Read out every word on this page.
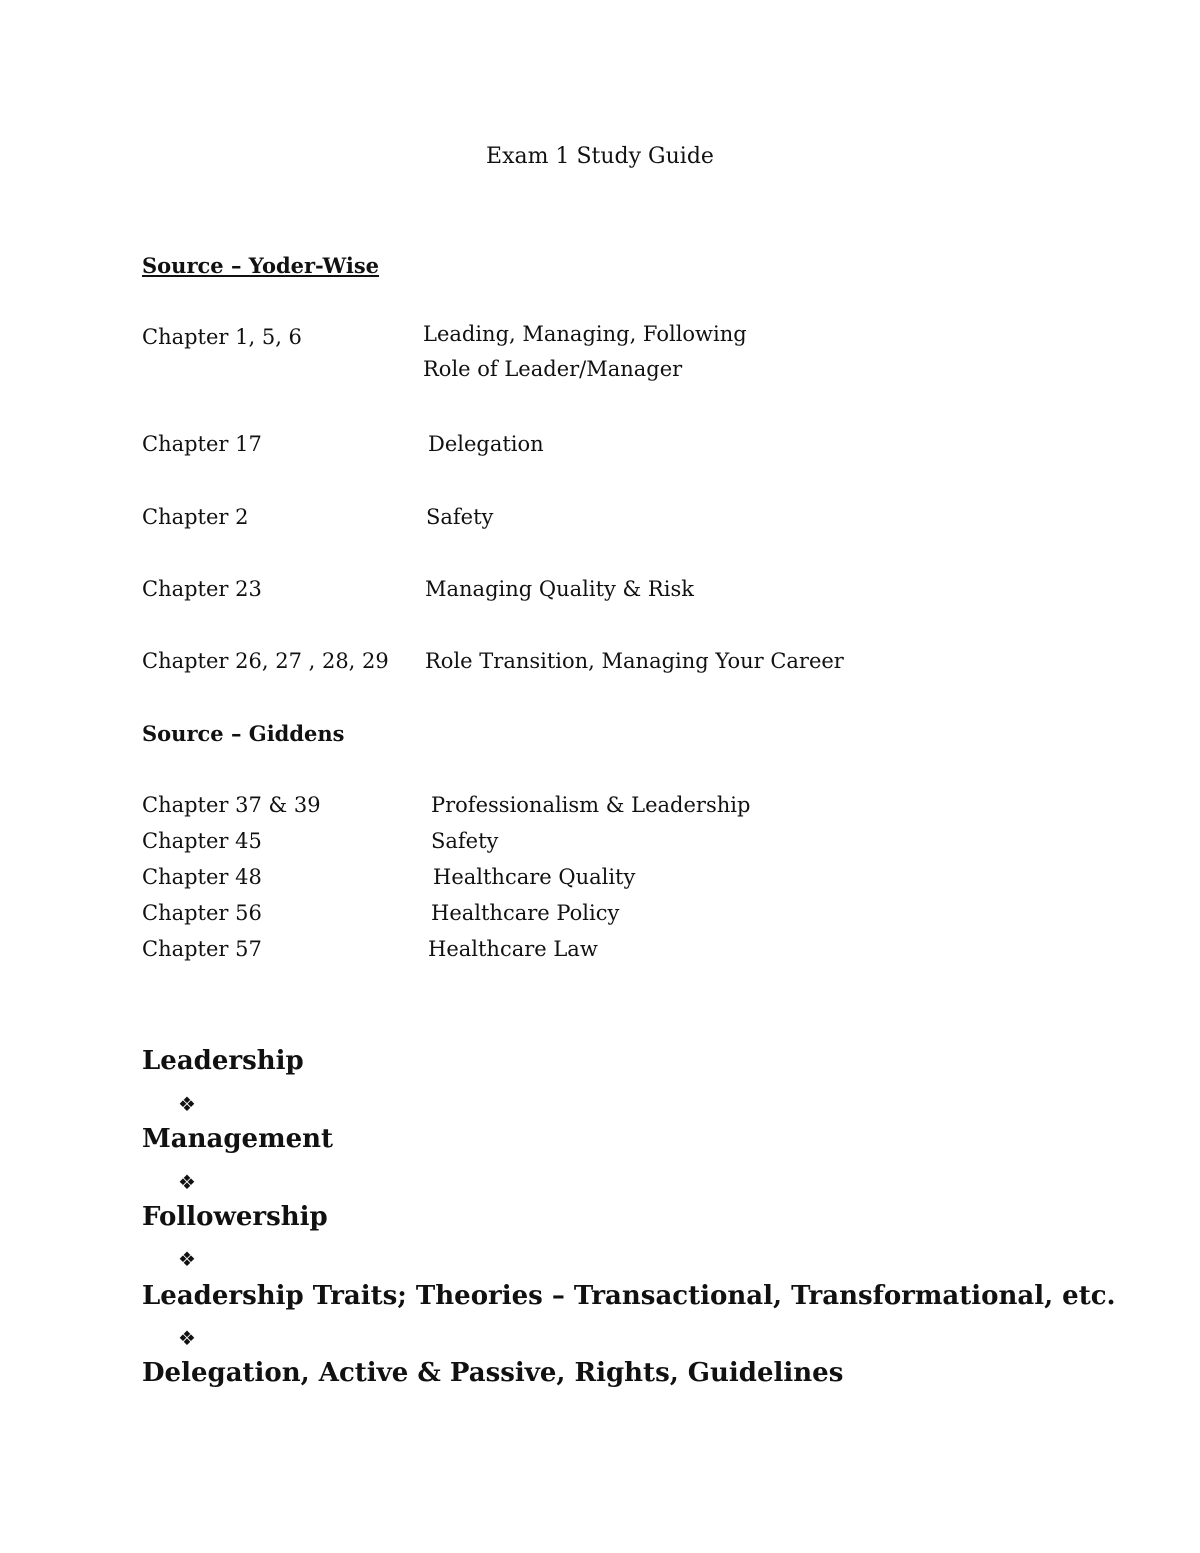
Exam 1 Study Guide
Source – Yoder-Wise
Chapter 1, 5, 6	Leading, Managing, Following
Role of Leader/Manager
Chapter 17	Delegation
Chapter 2	Safety
Chapter 23	Managing Quality & Risk
Chapter 26, 27 , 28, 29 Role Transition, Managing Your Career
Source – Giddens
Chapter 37 & 39	Professionalism & Leadership
Chapter 45	Safety
Chapter 48	Healthcare Quality
Chapter 56	Healthcare Policy
Chapter 57	Healthcare Law
Leadership
❖
Management
❖
Followership
❖
Leadership Traits; Theories – Transactional, Transformational, etc.
❖
Delegation, Active & Passive, Rights, Guidelines
